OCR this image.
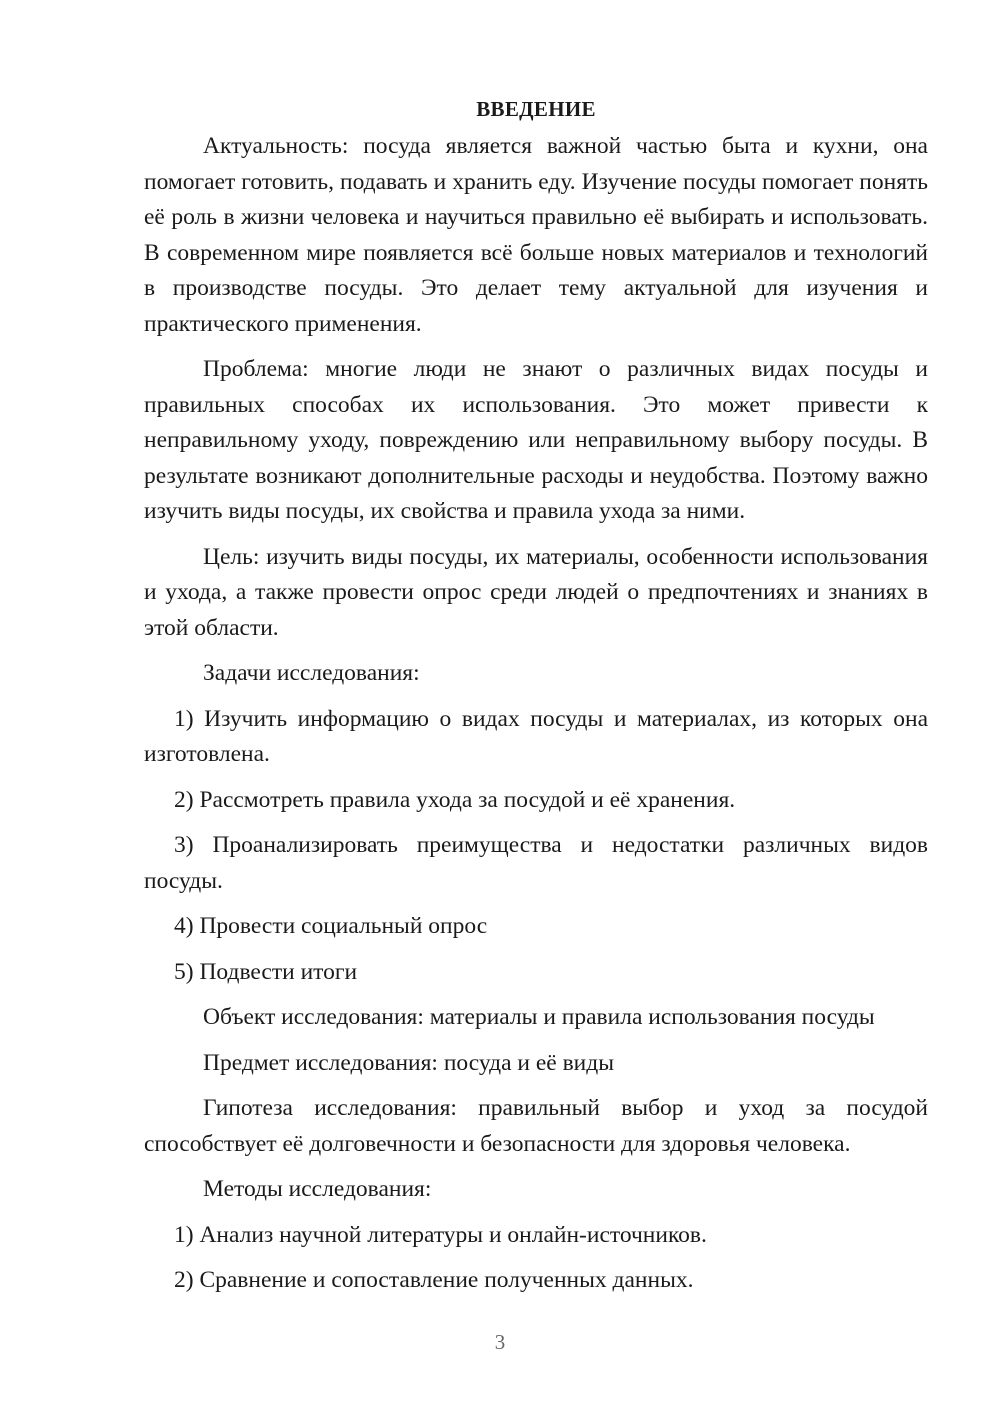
ВВЕДЕНИЕ

Актуальность: посуда является важной частью быта и кухни, она помогает готовить, подавать и хранить еду. Изучение посуды помогает понять её роль в жизни человека и научиться правильно её выбирать и использовать. В современном мире появляется всё больше новых материалов и технологий в производстве посуды. Это делает тему актуальной для изучения и практического применения.

Проблема: многие люди не знают о различных видах посуды и правильных способах их использования. Это может привести к неправильному уходу, повреждению или неправильному выбору посуды. В результате возникают дополнительные расходы и неудобства. Поэтому важно изучить виды посуды, их свойства и правила ухода за ними.

Цель: изучить виды посуды, их материалы, особенности использования и ухода, а также провести опрос среди людей о предпочтениях и знаниях в этой области.

Задачи исследования:

1) Изучить информацию о видах посуды и материалах, из которых она изготовлена.

2) Рассмотреть правила ухода за посудой и её хранения.

3) Проанализировать преимущества и недостатки различных видов посуды.

4) Провести социальный опрос

5) Подвести итоги

Объект исследования: материалы и правила использования посуды

Предмет исследования: посуда и её виды

Гипотеза исследования: правильный выбор и уход за посудой способствует её долговечности и безопасности для здоровья человека.

Методы исследования:

1) Анализ научной литературы и онлайн-источников.

2) Сравнение и сопоставление полученных данных.

3
